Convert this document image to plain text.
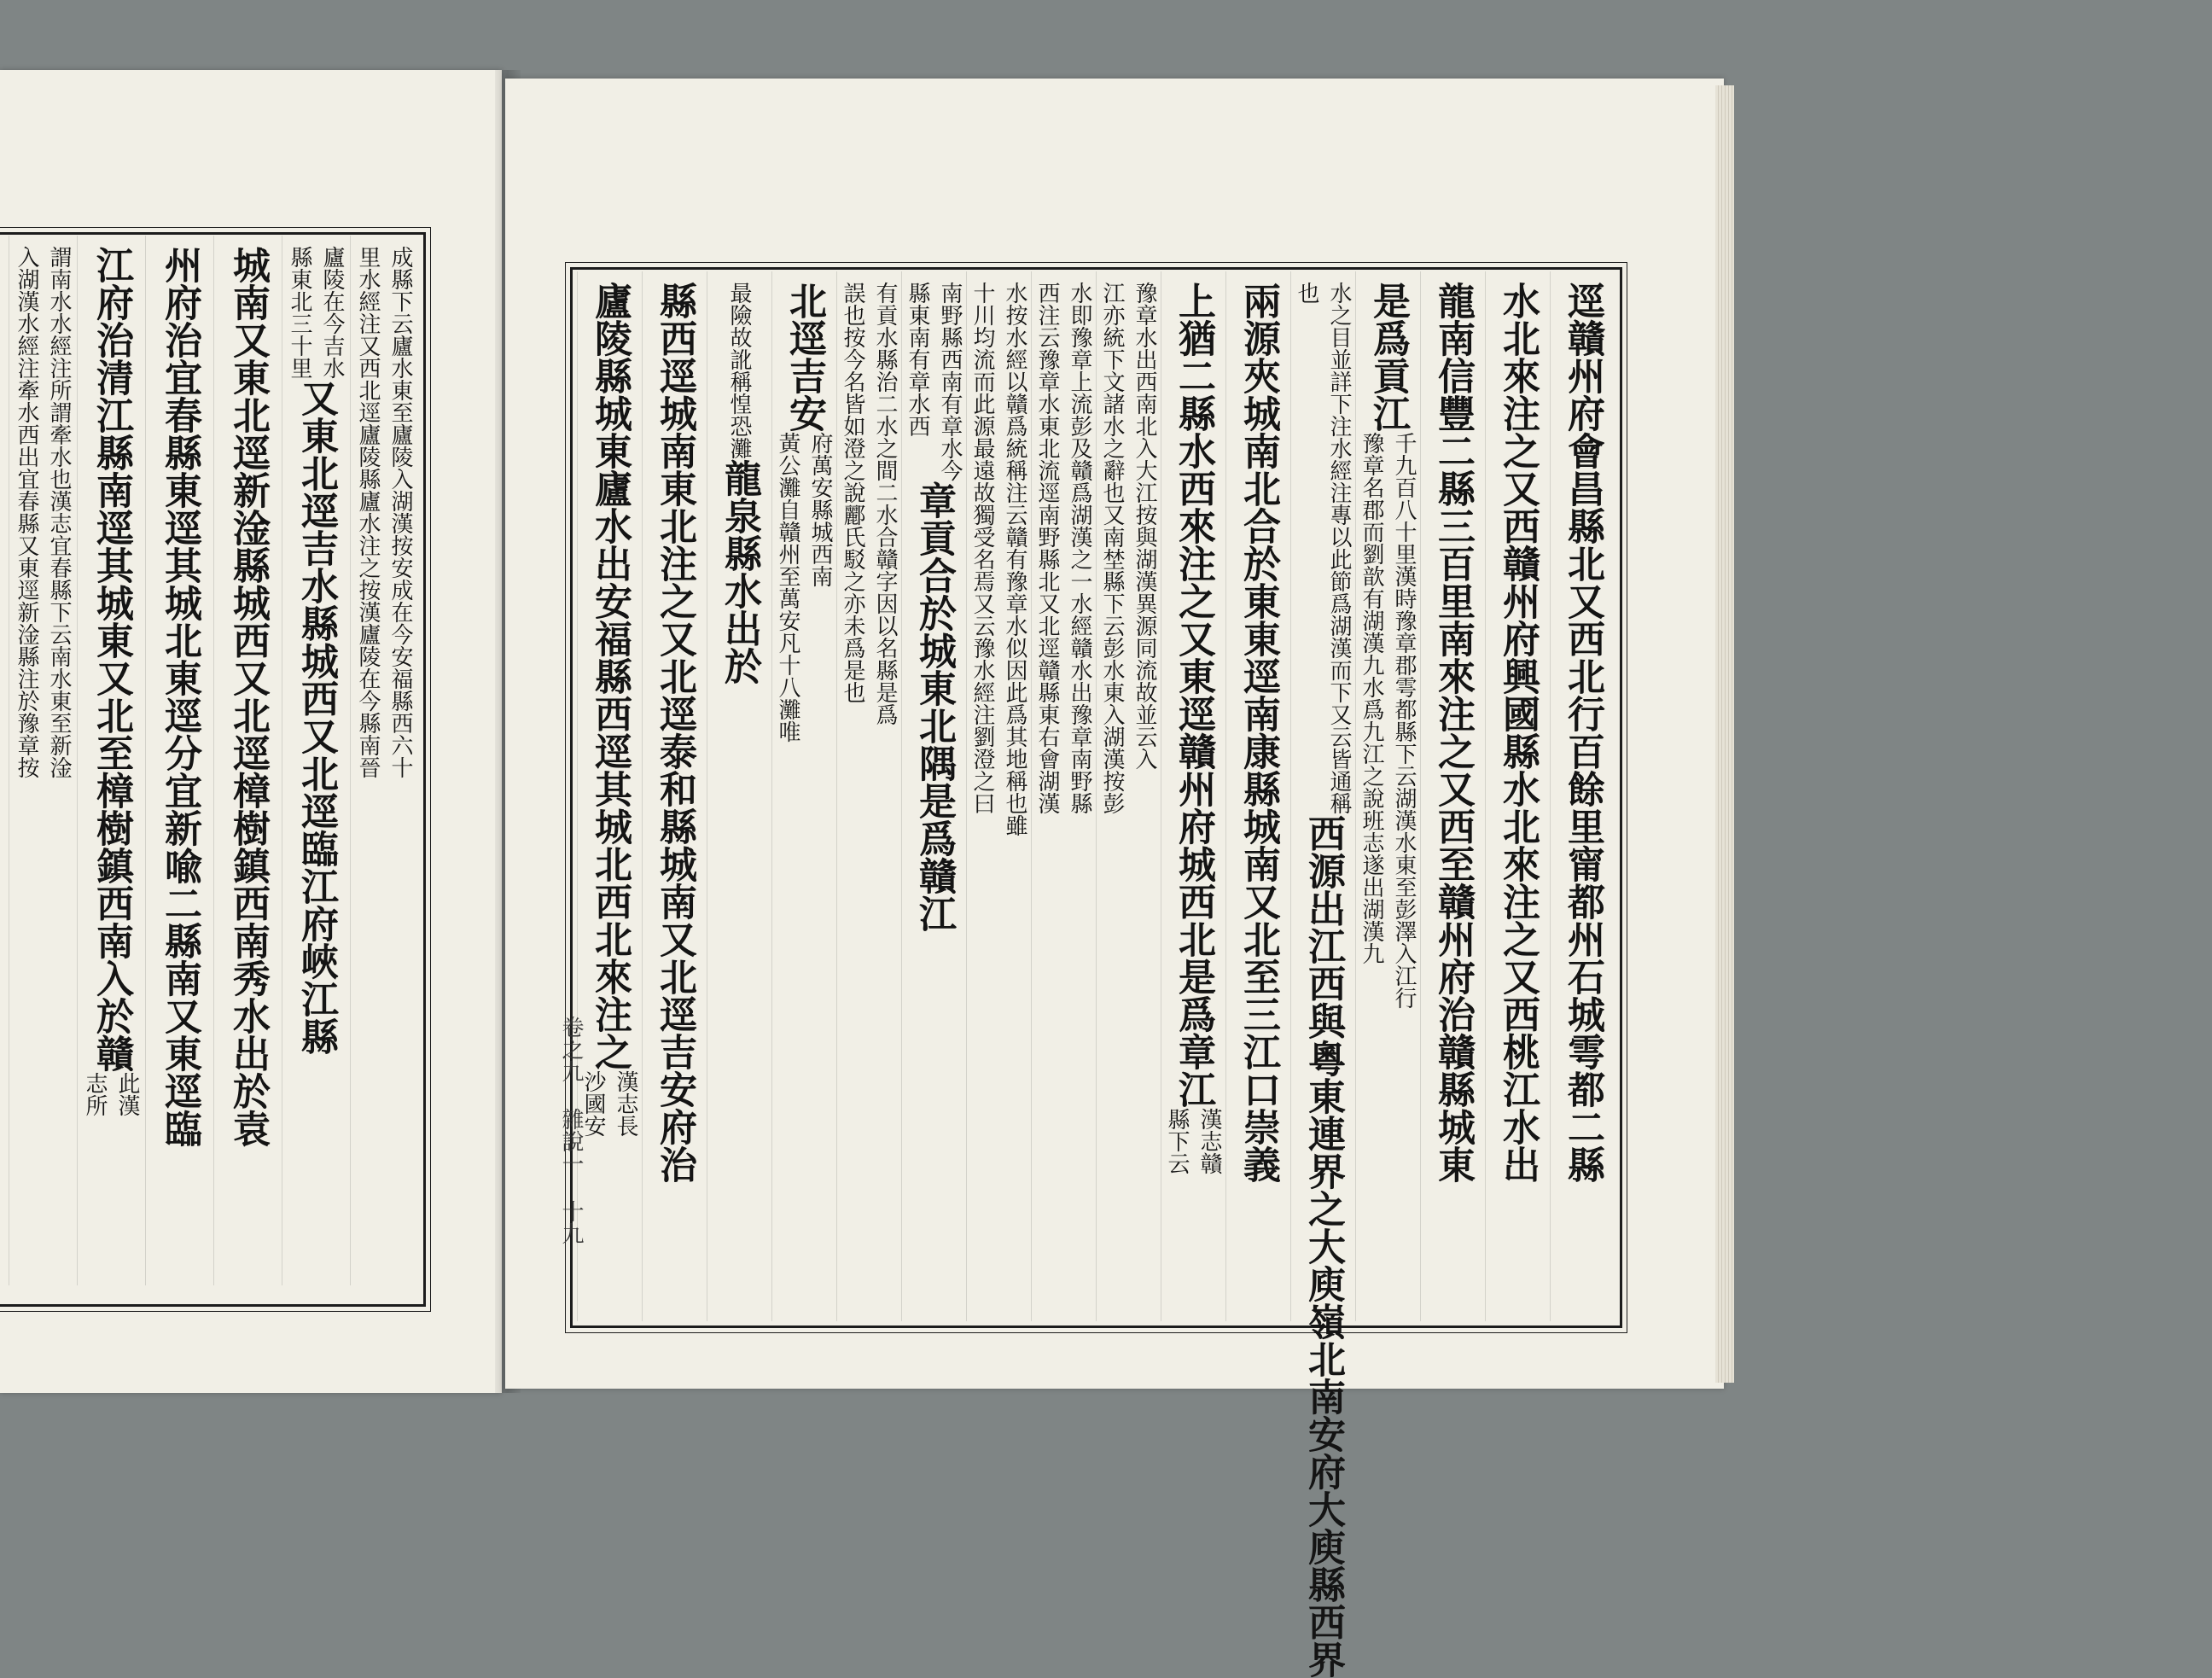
逕贛州府會昌縣北又西北行百餘里甯都州石城雩都二縣
水北來注之又西贛州府興國縣水北來注之又西桃江水出
龍南信豐二縣三百里南來注之又西至贛州府治贛縣城東
是爲貢江
千九百八十里漢時豫章郡雩都縣下云湖漢水東至彭澤入江行
豫章名郡而劉歆有湖漢九水爲九江之說班志遂出湖漢九
水之目並詳下注水經注專以此節爲湖漢而下又云皆通稱
也
西源出江西與粵東連界之大庾嶺北南安府大庾縣西界
兩源夾城南北合於東東逕南康縣城南又北至三江口崇義
上猶二縣水西來注之又東逕贛州府城西北是爲章江
漢志贛
縣下云
豫章水出西南北入大江按與湖漢異源同流故並云入
江亦統下文諸水之辭也又南埜縣下云彭水東入湖漢按彭
水即豫章上流彭及贛爲湖漢之一水經贛水出豫章南野縣
西注云豫章水東北流逕南野縣北又北逕贛縣東右會湖漢
水按水經以贛爲統稱注云贛有豫章水似因此爲其地稱也雖
十川均流而此源最遠故獨受名焉又云豫水經注劉澄之曰
南野縣西南有章水今
縣東南有章水西
章貢合於城東北隅是爲贛江
有貢水縣治二水之間二水合贛字因以名縣是爲
誤也按今名皆如澄之說酈氏駁之亦未爲是也
北逕吉安
府萬安縣城西南
黃公灘自贛州至萬安凡十八灘唯
最險故訛稱惶恐灘
龍泉縣水出於
縣西逕城南東北注之又北逕泰和縣城南又北逕吉安府治
廬陵縣城東廬水出安福縣西逕其城北西北來注之
漢志長
沙國安
成縣下云廬水東至廬陵入湖漢按安成在今安福縣西六十
里水經注又西北逕廬陵縣廬水注之按漢廬陵在今縣南晉
廬陵在今吉水
縣東北三十里
又東北逕吉水縣城西又北逕臨江府峽江縣
城南又東北逕新淦縣城西又北逕樟樹鎮西南秀水出於袁
州府治宜春縣東逕其城北東逕分宜新喩二縣南又東逕臨
江府治清江縣南逕其城東又北至樟樹鎮西南入於贛
此漢
志所
謂南水水經注所謂牽水也漢志宜春縣下云南水東至新淦
入湖漢水經注牽水西出宜春縣又東逕新淦縣注於豫章按
卷之九 雜說一 十九
